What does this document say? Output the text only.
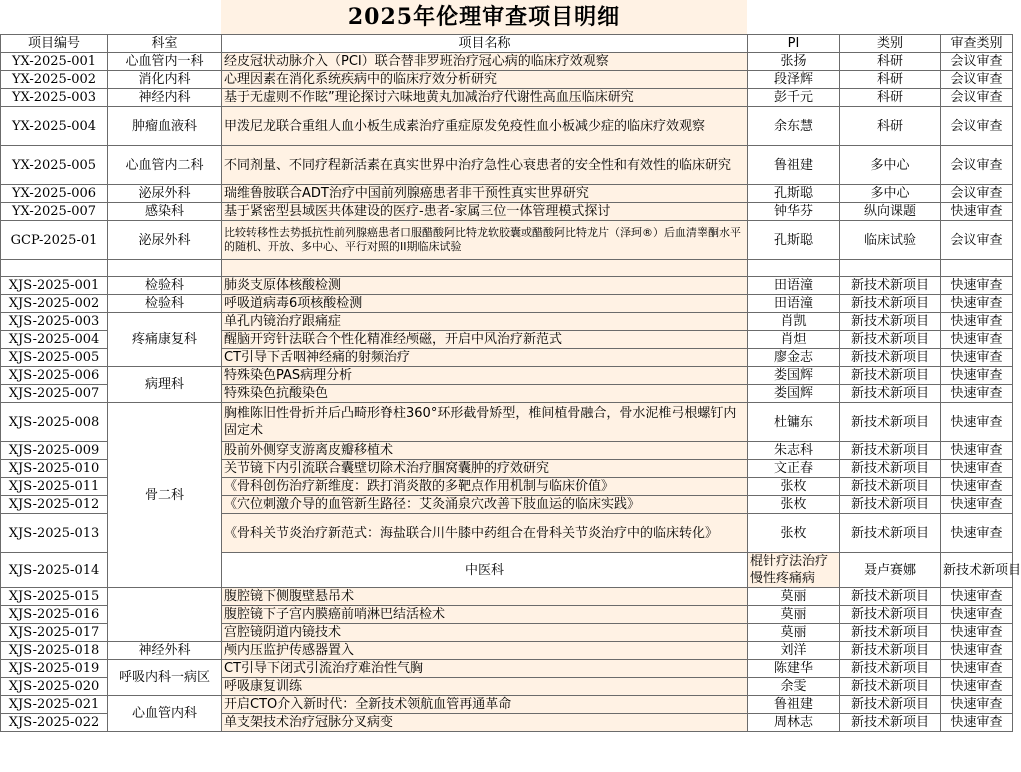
2025年伦理审查项目明细
项目编号	科室	项目名称	PI	类别	审查类别	
YX-2025-001	心血管内一科	经皮冠状动脉介入（PCI）联合替非罗班治疗冠心病的临床疗效观察	张扬	科研	会议审查	
YX-2025-002	消化内科	心理因素在消化系统疾病中的临床疗效分析研究	段泽辉	科研	会议审查	
YX-2025-003	神经内科	基于无虚则不作眩”理论探讨六味地黄丸加减治疗代谢性高血压临床研究	彭千元	科研	会议审查	
YX-2025-004	肿瘤血液科	甲泼尼龙联合重组人血小板生成素治疗重症原发免疫性血小板减少症的临床疗效观察	余东慧	科研	会议审查	
YX-2025-005	心血管内二科	不同剂量、不同疗程新活素在真实世界中治疗急性心衰患者的安全性和有效性的临床研究	鲁祖建	多中心	会议审查	
YX-2025-006	泌尿外科	瑞维鲁胺联合ADT治疗中国前列腺癌患者非干预性真实世界研究	孔斯聪	多中心	会议审查	
YX-2025-007	感染科	基于紧密型县域医共体建设的医疗-患者-家属三位一体管理模式探讨	钟华芬	纵向课题	快速审查	
GCP-2025-01	泌尿外科	比较转移性去势抵抗性前列腺癌患者口服醋酸阿比特龙软胶囊或醋酸阿比特龙片（泽珂®）后血清睾酮水平的随机、开放、多中心、平行对照的II期临床试验	孔斯聪	临床试验	会议审查	

XJS-2025-001	检验科	肺炎支原体核酸检测	田语潼	新技术新项目	快速审查	
XJS-2025-002	检验科	呼吸道病毒6项核酸检测	田语潼	新技术新项目	快速审查	
XJS-2025-003	疼痛康复科	单孔内镜治疗跟痛症	肖凯	新技术新项目	快速审查	
XJS-2025-004		醒脑开窍针法联合个性化精准经颅磁，开启中风治疗新范式	肖炟	新技术新项目	快速审查	
XJS-2025-005		CT引导下舌咽神经痛的射频治疗	廖金志	新技术新项目	快速审查	
XJS-2025-006	病理科	特殊染色PAS病理分析	娄国辉	新技术新项目	快速审查	
XJS-2025-007		特殊染色抗酸染色	娄国辉	新技术新项目	快速审查	
XJS-2025-008	骨二科	胸椎陈旧性骨折并后凸畸形脊柱360°环形截骨矫型，椎间植骨融合，骨水泥椎弓根螺钉内固定术	杜镛东	新技术新项目	快速审查	
XJS-2025-009		股前外侧穿支游离皮瓣移植术	朱志科	新技术新项目	快速审查	
XJS-2025-010		关节镜下内引流联合囊壁切除术治疗腘窝囊肿的疗效研究	文正春	新技术新项目	快速审查	
XJS-2025-011		《骨科创伤治疗新维度：跌打消炎散的多靶点作用机制与临床价值》	张枚	新技术新项目	快速审查	
XJS-2025-012		《穴位刺激介导的血管新生路径：艾灸涌泉穴改善下肢血运的临床实践》	张枚	新技术新项目	快速审查	
XJS-2025-013		《骨科关节炎治疗新范式：海盐联合川牛膝中药组合在骨科关节炎治疗中的临床转化》	张枚	新技术新项目	快速审查	
XJS-2025-014		中医科	棍针疗法治疗慢性疼痛病	聂卢赛娜	新技术新项目	
XJS-2025-015		腹腔镜下侧腹壁悬吊术	莫丽	新技术新项目	快速审查	
XJS-2025-016		腹腔镜下子宫内膜癌前哨淋巴结活检术	莫丽	新技术新项目	快速审查	
XJS-2025-017		宫腔镜阴道内镜技术	莫丽	新技术新项目	快速审查	
XJS-2025-018	神经外科	颅内压监护传感器置入	刘洋	新技术新项目	快速审查	
XJS-2025-019	呼吸内科一病区	CT引导下闭式引流治疗难治性气胸	陈建华	新技术新项目	快速审查	
XJS-2025-020		呼吸康复训练	余雯	新技术新项目	快速审查	
XJS-2025-021	心血管内科	开启CTO介入新时代：全新技术领航血管再通革命	鲁祖建	新技术新项目	快速审查	
XJS-2025-022		单支架技术治疗冠脉分叉病变	周林志	新技术新项目	快速审查	
